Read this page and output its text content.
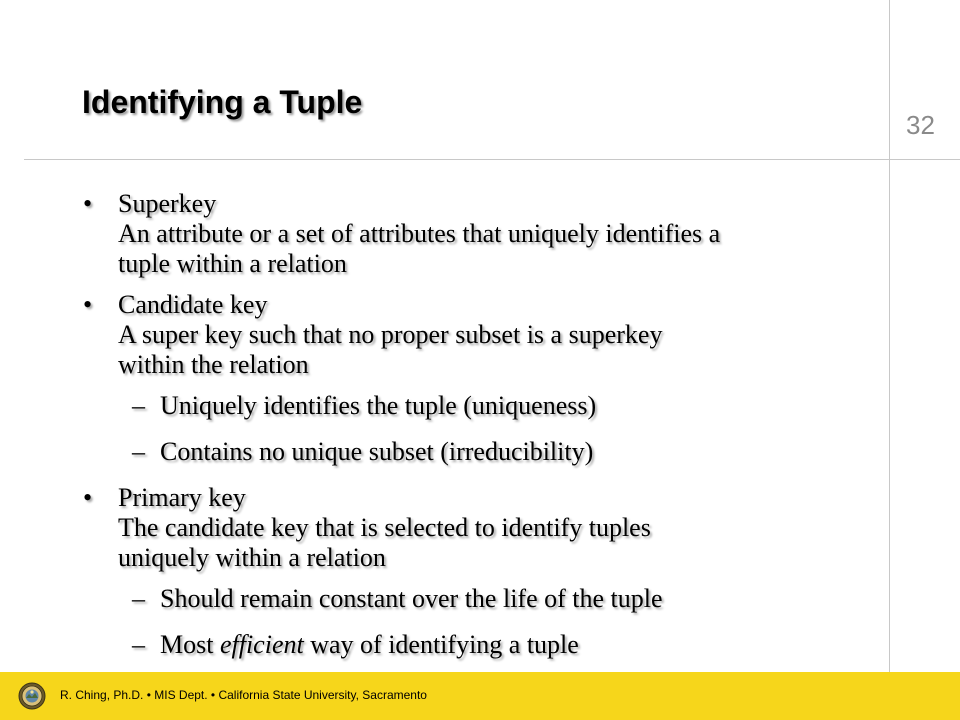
Identifying a Tuple
32
• Superkey
An attribute or a set of attributes that uniquely identifies a
tuple within a relation
• Candidate key
A super key such that no proper subset is a superkey
within the relation
– Uniquely identifies the tuple (uniqueness)
– Contains no unique subset (irreducibility)
• Primary key
The candidate key that is selected to identify tuples
uniquely within a relation
– Should remain constant over the life of the tuple
– Most efficient way of identifying a tuple
R. Ching, Ph.D. • MIS Dept. • California State University, Sacramento
